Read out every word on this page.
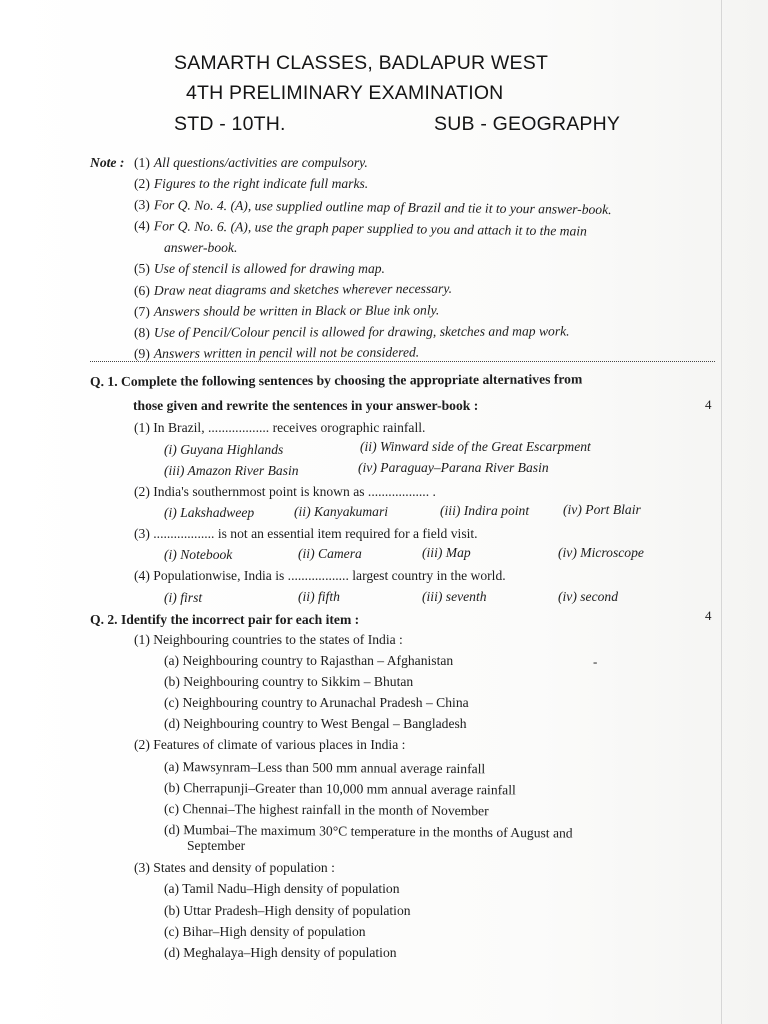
SAMARTH CLASSES, BADLAPUR WEST
4TH PRELIMINARY EXAMINATION
STD - 10TH.	SUB - GEOGRAPHY
Note : (1) All questions/activities are compulsory.
(2) Figures to the right indicate full marks.
(3) For Q. No. 4. (A), use supplied outline map of Brazil and tie it to your answer-book.
(4) For Q. No. 6. (A), use the graph paper supplied to you and attach it to the main
answer-book.
(5) Use of stencil is allowed for drawing map.
(6) Draw neat diagrams and sketches wherever necessary.
(7) Answers should be written in Black or Blue ink only.
(8) Use of Pencil/Colour pencil is allowed for drawing, sketches and map work.
(9) Answers written in pencil will not be considered.
Q. 1. Complete the following sentences by choosing the appropriate alternatives from
those given and rewrite the sentences in your answer-book :	4
(1) In Brazil, .................. receives orographic rainfall.
(i) Guyana Highlands	(ii) Winward side of the Great Escarpment
(iii) Amazon River Basin	(iv) Paraguay–Parana River Basin
(2) India's southernmost point is known as .................. .
(i) Lakshadweep	(ii) Kanyakumari	(iii) Indira point (iv) Port Blair
(3) .................. is not an essential item required for a field visit.
(i) Notebook	(ii) Camera	(iii) Map	(iv) Microscope
(4) Populationwise, India is .................. largest country in the world.
(i) first	(ii) fifth	(iii) seventh	(iv) second
Q. 2. Identify the incorrect pair for each item :	4
(1) Neighbouring countries to the states of India :
(a) Neighbouring country to Rajasthan – Afghanistan	-
(b) Neighbouring country to Sikkim – Bhutan
(c) Neighbouring country to Arunachal Pradesh – China
(d) Neighbouring country to West Bengal – Bangladesh
(2) Features of climate of various places in India :
(a) Mawsynram–Less than 500 mm annual average rainfall
(b) Cherrapunji–Greater than 10,000 mm annual average rainfall
(c) Chennai–The highest rainfall in the month of November
(d) Mumbai–The maximum 30°C temperature in the months of August and
September
(3) States and density of population :
(a) Tamil Nadu–High density of population
(b) Uttar Pradesh–High density of population
(c) Bihar–High density of population
(d) Meghalaya–High density of population
